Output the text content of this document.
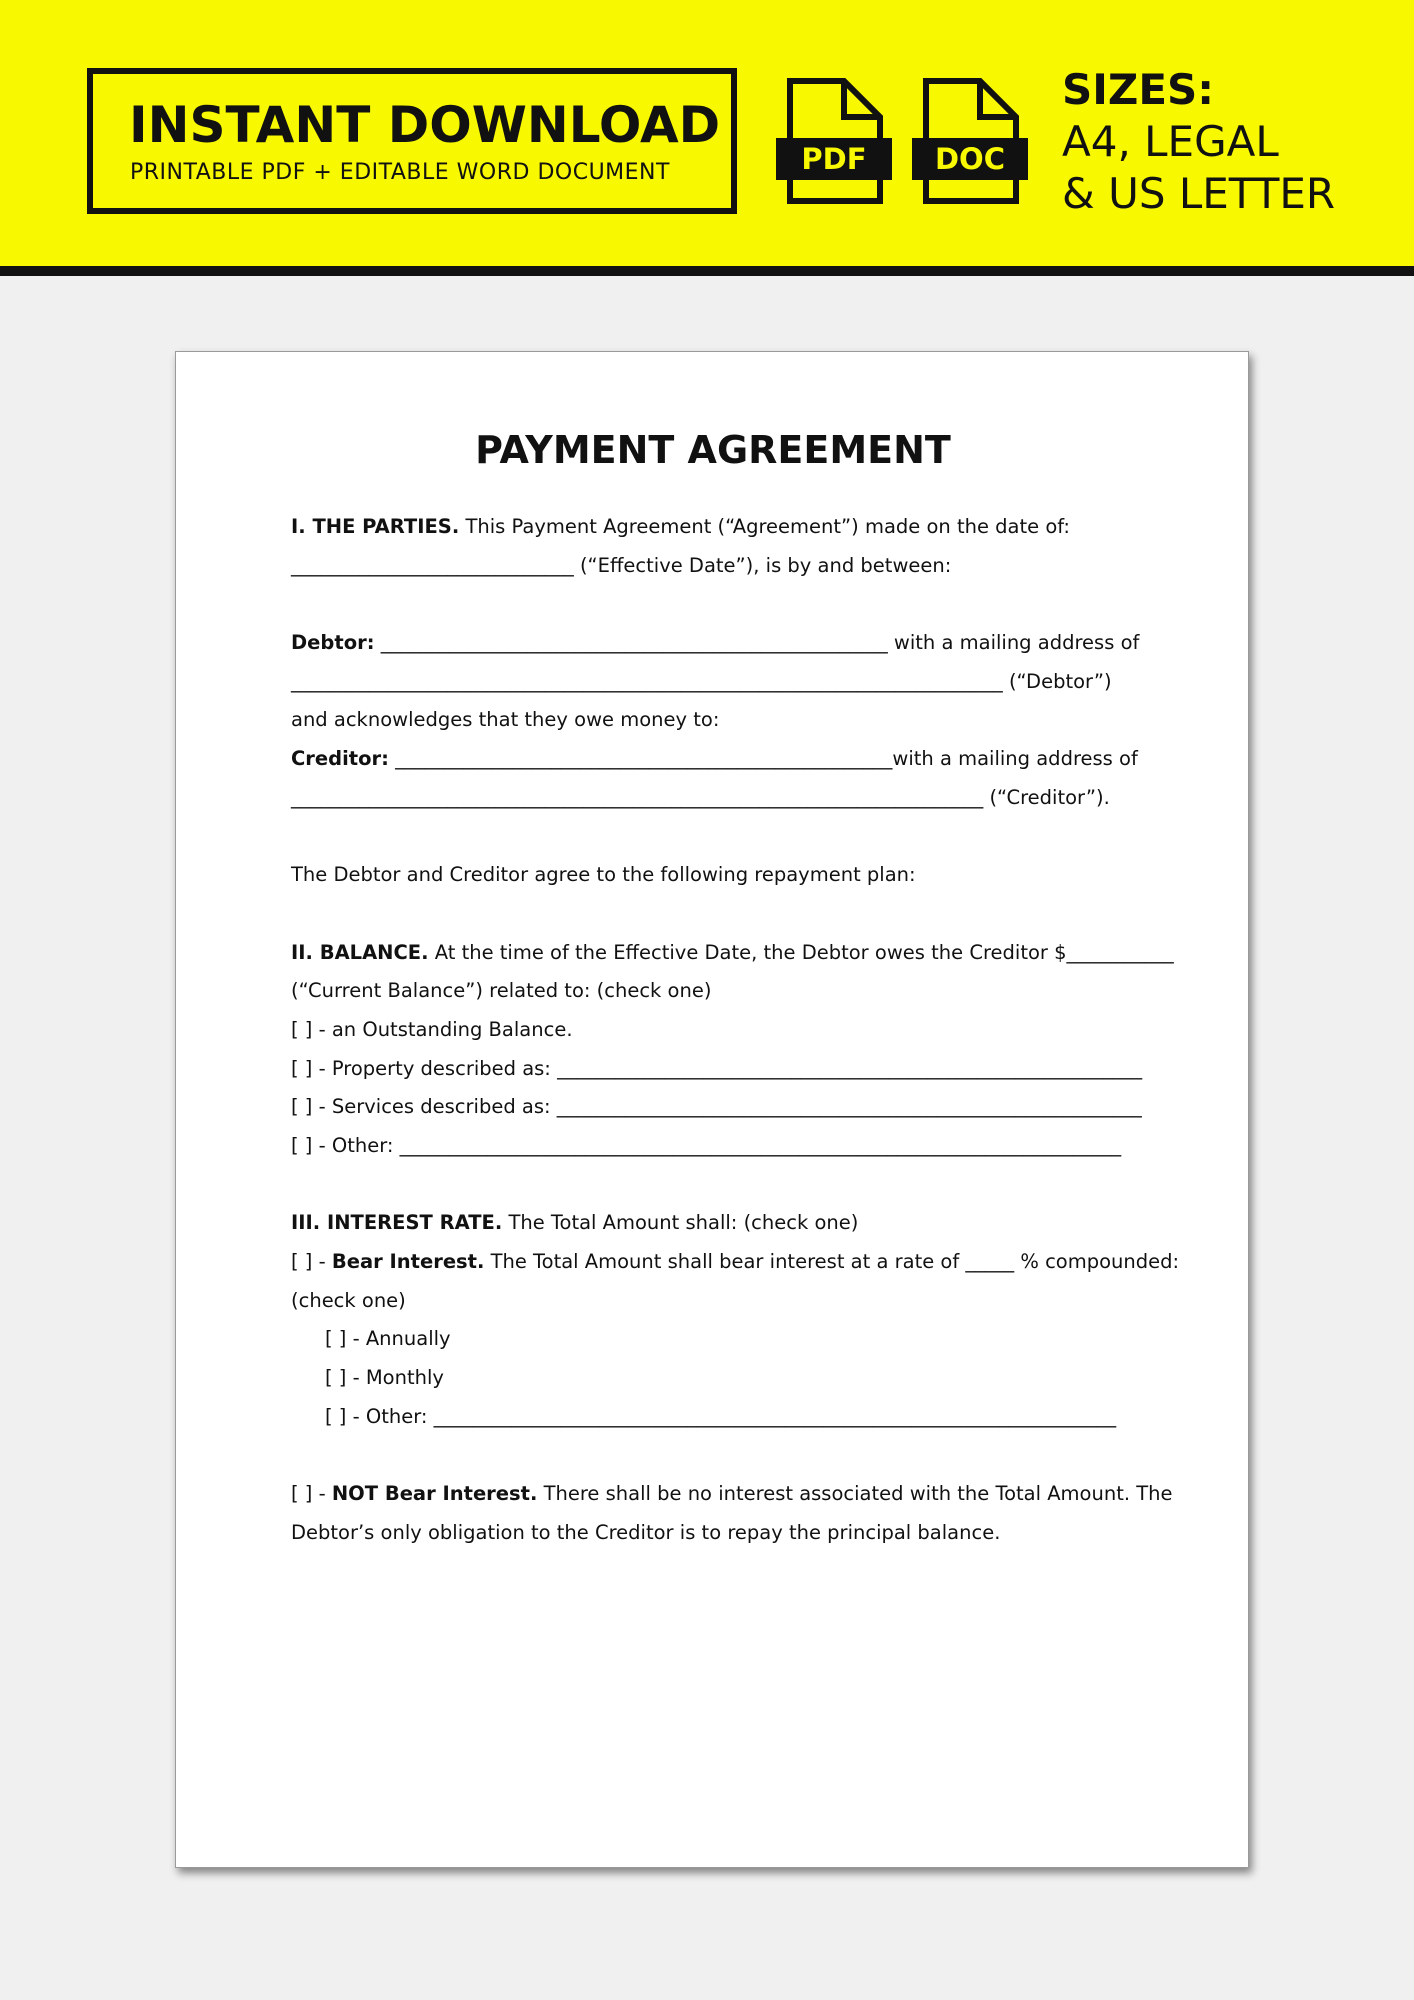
INSTANT DOWNLOAD
PRINTABLE PDF + EDITABLE WORD DOCUMENT	PDF	DOC
SIZES:
A4, LEGAL
& US LETTER
PAYMENT AGREEMENT
I. THE PARTIES. This Payment Agreement (“Agreement”) made on the date of:
_____________________________ (“Effective Date”), is by and between:
Debtor: ____________________________________________________ with a mailing address of
_________________________________________________________________________ (“Debtor”)
and acknowledges that they owe money to:
Creditor: ___________________________________________________with a mailing address of
_______________________________________________________________________ (“Creditor”).
The Debtor and Creditor agree to the following repayment plan:
II. BALANCE. At the time of the Effective Date, the Debtor owes the Creditor $___________
(“Current Balance”) related to: (check one)
[ ] - an Outstanding Balance.
[ ] - Property described as: ____________________________________________________________
[ ] - Services described as: ____________________________________________________________
[ ] - Other: __________________________________________________________________________
III. INTEREST RATE. The Total Amount shall: (check one)
[ ] - Bear Interest. The Total Amount shall bear interest at a rate of _____ % compounded:
(check one)
[ ] - Annually
[ ] - Monthly
[ ] - Other: ______________________________________________________________________
[ ] - NOT Bear Interest. There shall be no interest associated with the Total Amount. The
Debtor’s only obligation to the Creditor is to repay the principal balance.
